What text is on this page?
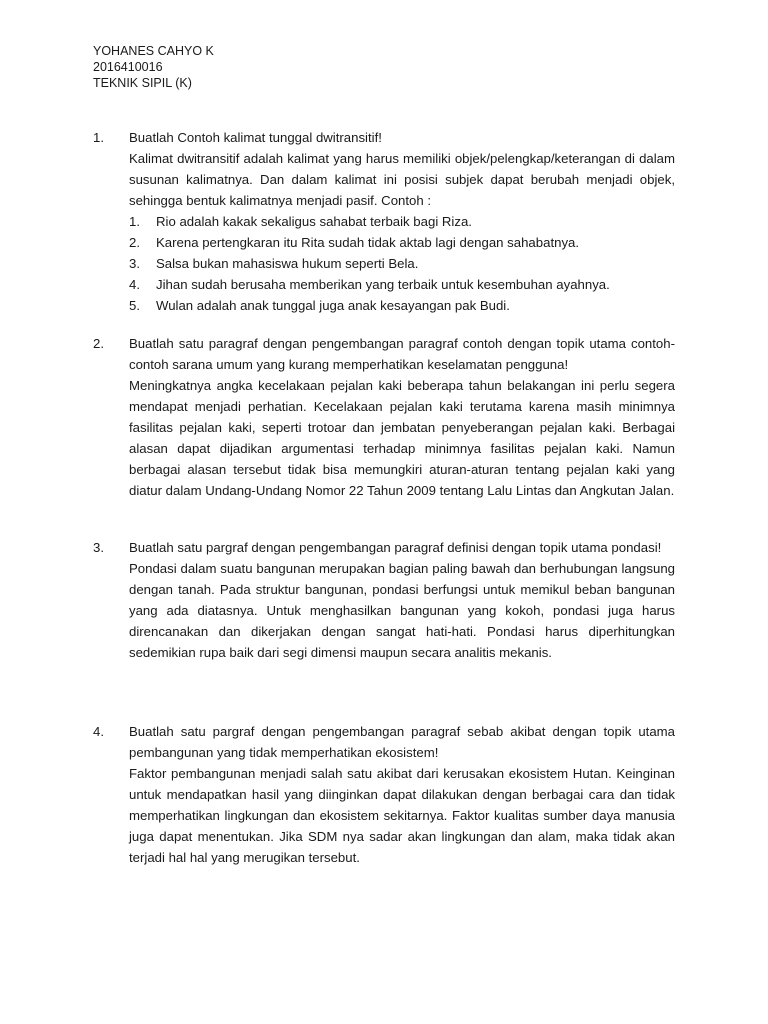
YOHANES CAHYO K
2016410016
TEKNIK SIPIL (K)
1. Buatlah Contoh kalimat tunggal dwitransitif!
Kalimat dwitransitif adalah kalimat yang harus memiliki objek/pelengkap/keterangan di dalam susunan kalimatnya. Dan dalam kalimat ini posisi subjek dapat berubah menjadi objek, sehingga bentuk kalimatnya menjadi pasif. Contoh :
1. Rio adalah kakak sekaligus sahabat terbaik bagi Riza.
2. Karena pertengkaran itu Rita sudah tidak aktab lagi dengan sahabatnya.
3. Salsa bukan mahasiswa hukum seperti Bela.
4. Jihan sudah berusaha memberikan yang terbaik untuk kesembuhan ayahnya.
5. Wulan adalah anak tunggal juga anak kesayangan pak Budi.
2. Buatlah satu paragraf dengan pengembangan paragraf contoh dengan topik utama contoh-contoh sarana umum yang kurang memperhatikan keselamatan pengguna!
Meningkatnya angka kecelakaan pejalan kaki beberapa tahun belakangan ini perlu segera mendapat menjadi perhatian. Kecelakaan pejalan kaki terutama karena masih minimnya fasilitas pejalan kaki, seperti trotoar dan jembatan penyeberangan pejalan kaki. Berbagai alasan dapat dijadikan argumentasi terhadap minimnya fasilitas pejalan kaki. Namun berbagai alasan tersebut tidak bisa memungkiri aturan-aturan tentang pejalan kaki yang diatur dalam Undang-Undang Nomor 22 Tahun 2009 tentang Lalu Lintas dan Angkutan Jalan.
3. Buatlah satu pargraf dengan pengembangan paragraf definisi dengan topik utama pondasi!
Pondasi dalam suatu bangunan merupakan bagian paling bawah dan berhubungan langsung dengan tanah. Pada struktur bangunan, pondasi berfungsi untuk memikul beban bangunan yang ada diatasnya. Untuk menghasilkan bangunan yang kokoh, pondasi juga harus direncanakan dan dikerjakan dengan sangat hati-hati. Pondasi harus diperhitungkan sedemikian rupa baik dari segi dimensi maupun secara analitis mekanis.
4. Buatlah satu pargraf dengan pengembangan paragraf sebab akibat dengan topik utama pembangunan yang tidak memperhatikan ekosistem!
Faktor pembangunan menjadi salah satu akibat dari kerusakan ekosistem Hutan. Keinginan untuk mendapatkan hasil yang diinginkan dapat dilakukan dengan berbagai cara dan tidak memperhatikan lingkungan dan ekosistem sekitarnya. Faktor kualitas sumber daya manusia juga dapat menentukan. Jika SDM nya sadar akan lingkungan dan alam, maka tidak akan terjadi hal hal yang merugikan tersebut.
